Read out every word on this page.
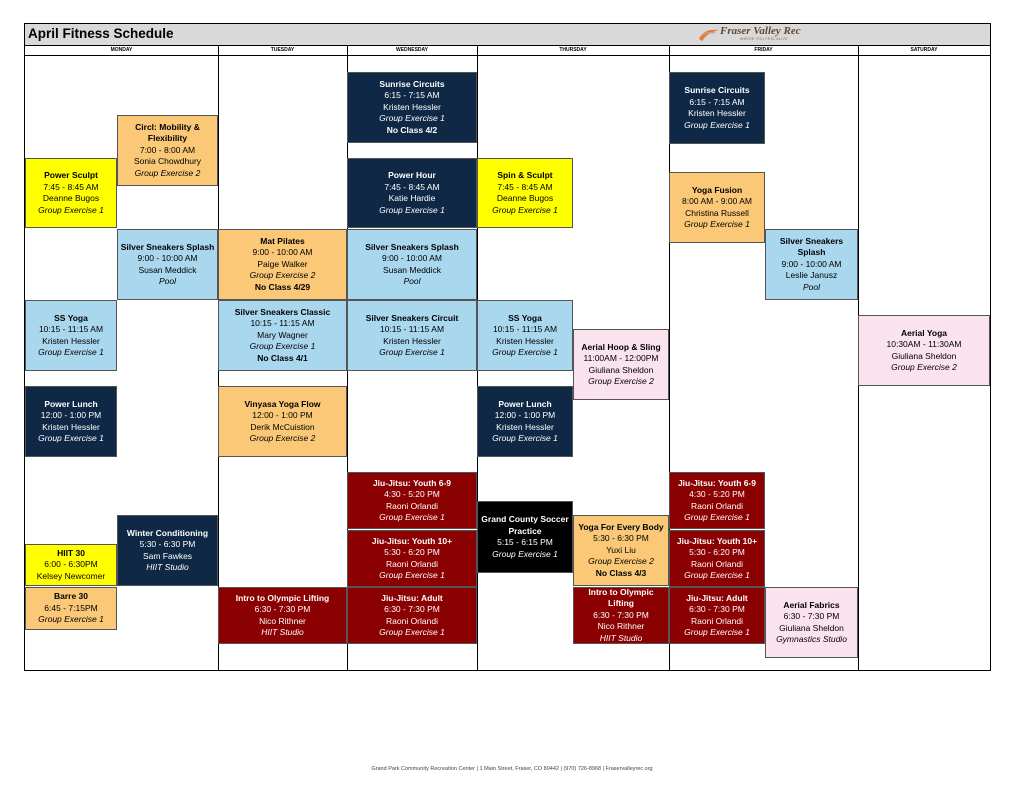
April Fitness Schedule	Fraser Valley Rec
WHERE YOU FEEL ALIVE
MONDAY	TUESDAY	WEDNESDAY	THURSDAY	FRIDAY	SATURDAY
Circl: Mobility & Flexibility
7:00 - 8:00 AM
Sonia Chowdhury
Group Exercise 2
Power Sculpt
7:45 - 8:45 AM
Deanne Bugos
Group Exercise 1
Silver Sneakers Splash
9:00 - 10:00 AM
Susan Meddick
Pool
SS Yoga
10:15 - 11:15 AM
Kristen Hessler
Group Exercise 1
Power Lunch
12:00 - 1:00 PM
Kristen Hessler
Group Exercise 1
Winter Conditioning
5:30 - 6:30 PM
Sam Fawkes
HIIT Studio
HIIT 30
6:00 - 6:30PM
Kelsey Newcomer
Barre 30
6:45 - 7:15PM
Group Exercise 1
Mat Pilates
9:00 - 10:00 AM
Paige Walker
Group Exercise 2
No Class 4/29
Silver Sneakers Classic
10:15 - 11:15 AM
Mary Wagner
Group Exercise 1
No Class 4/1
Vinyasa Yoga Flow
12:00 - 1:00 PM
Derik McCuistion
Group Exercise 2
Intro to Olympic Lifting
6:30 - 7:30 PM
Nico Rithner
HIIT Studio
Sunrise Circuits
6:15 - 7:15 AM
Kristen Hessler
Group Exercise 1
No Class 4/2
Power Hour
7:45 - 8:45 AM
Katie Hardie
Group Exercise 1
Silver Sneakers Splash
9:00 - 10:00 AM
Susan Meddick
Pool
Silver Sneakers Circuit
10:15 - 11:15 AM
Kristen Hessler
Group Exercise 1
Jiu-Jitsu: Youth 6-9
4:30 - 5:20 PM
Raoni Orlandi
Group Exercise 1
Jiu-Jitsu: Youth 10+
5:30 - 6:20 PM
Raoni Orlandi
Group Exercise 1
Jiu-Jitsu: Adult
6:30 - 7:30 PM
Raoni Orlandi
Group Exercise 1
Spin & Sculpt
7:45 - 8:45 AM
Deanne Bugos
Group Exercise 1
SS Yoga
10:15 - 11:15 AM
Kristen Hessler
Group Exercise 1
Aerial Hoop & Sling
11:00AM - 12:00PM
Giuliana Sheldon
Group Exercise 2
Power Lunch
12:00 - 1:00 PM
Kristen Hessler
Group Exercise 1
Grand County Soccer Practice
5:15 - 6:15 PM
Group Exercise 1
Yoga For Every Body
5:30 - 6:30 PM
Yuxi Liu
Group Exercise 2
No Class 4/3
Intro to Olympic Lifting
6:30 - 7:30 PM
Nico Rithner
HIIT Studio
Sunrise Circuits
6:15 - 7:15 AM
Kristen Hessler
Group Exercise 1
Yoga Fusion
8:00 AM - 9:00 AM
Christina Russell
Group Exercise 1
Silver Sneakers Splash
9:00 - 10:00 AM
Leslie Janusz
Pool
Jiu-Jitsu: Youth 6-9
4:30 - 5:20 PM
Raoni Orlandi
Group Exercise 1
Jiu-Jitsu: Youth 10+
5:30 - 6:20 PM
Raoni Orlandi
Group Exercise 1
Jiu-Jitsu: Adult
6:30 - 7:30 PM
Raoni Orlandi
Group Exercise 1
Aerial Fabrics
6:30 - 7:30 PM
Giuliana Sheldon
Gymnastics Studio
Aerial Yoga
10:30AM - 11:30AM
Giuliana Sheldon
Group Exercise 2
Grand Park Community Recreation Center | 1 Main Street, Fraser, CO 80442 | (970) 726-8968 | Fraservalleyrec.org
